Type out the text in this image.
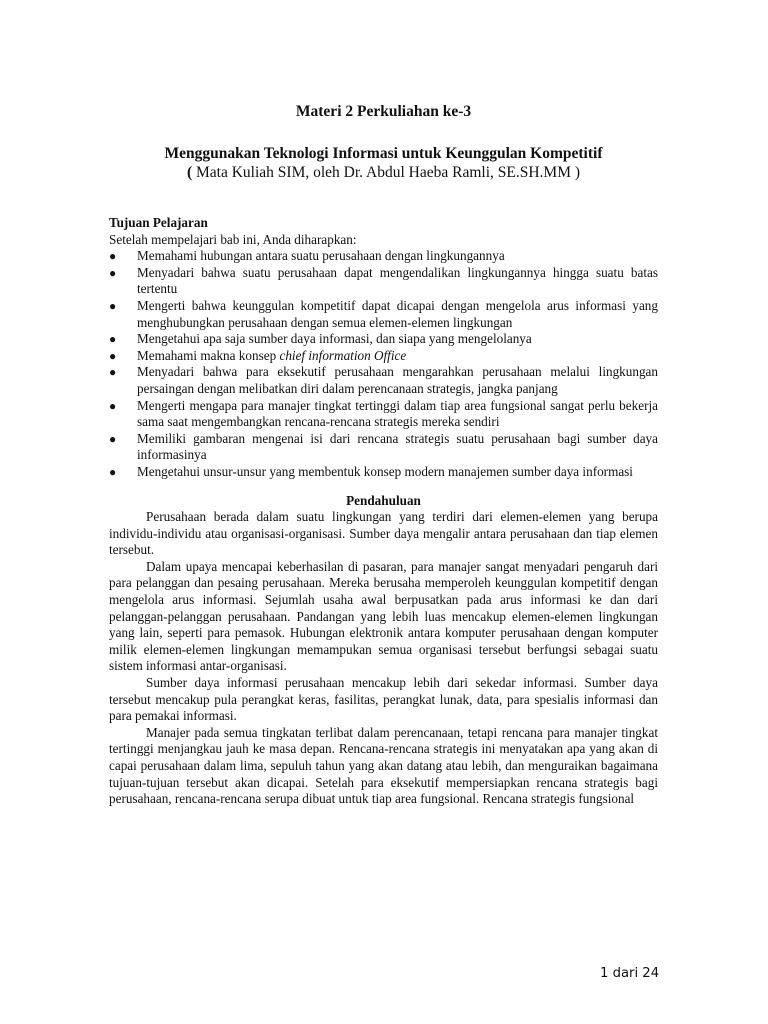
Materi 2 Perkuliahan ke-3
Menggunakan Teknologi Informasi untuk Keunggulan Kompetitif
( Mata Kuliah SIM, oleh Dr. Abdul Haeba Ramli, SE.SH.MM )
Tujuan Pelajaran
Setelah mempelajari bab ini, Anda diharapkan:
● Memahami hubungan antara suatu perusahaan dengan lingkungannya
● Menyadari bahwa suatu perusahaan dapat mengendalikan lingkungannya hingga suatu batas tertentu
● Mengerti bahwa keunggulan kompetitif dapat dicapai dengan mengelola arus informasi yang menghubungkan perusahaan dengan semua elemen-elemen lingkungan
● Mengetahui apa saja sumber daya informasi, dan siapa yang mengelolanya
● Memahami makna konsep chief information Office
● Menyadari bahwa para eksekutif perusahaan mengarahkan perusahaan melalui lingkungan persaingan dengan melibatkan diri dalam perencanaan strategis, jangka panjang
● Mengerti mengapa para manajer tingkat tertinggi dalam tiap area fungsional sangat perlu bekerja sama saat mengembangkan rencana-rencana strategis mereka sendiri
● Memiliki gambaran mengenai isi dari rencana strategis suatu perusahaan bagi sumber daya informasinya
● Mengetahui unsur-unsur yang membentuk konsep modern manajemen sumber daya informasi
Pendahuluan

Perusahaan berada dalam suatu lingkungan yang terdiri dari elemen-elemen yang berupa individu-individu atau organisasi-organisasi. Sumber daya mengalir antara perusahaan dan tiap elemen tersebut.

Dalam upaya mencapai keberhasilan di pasaran, para manajer sangat menyadari pengaruh dari para pelanggan dan pesaing perusahaan. Mereka berusaha memperoleh keunggulan kompetitif dengan mengelola arus informasi. Sejumlah usaha awal berpusatkan pada arus informasi ke dan dari pelanggan-pelanggan perusahaan. Pandangan yang lebih luas mencakup elemen-elemen lingkungan yang lain, seperti para pemasok. Hubungan elektronik antara komputer perusahaan dengan komputer milik elemen-elemen lingkungan memampukan semua organisasi tersebut berfungsi sebagai suatu sistem informasi antar-organisasi.

Sumber daya informasi perusahaan mencakup lebih dari sekedar informasi. Sumber daya tersebut mencakup pula perangkat keras, fasilitas, perangkat lunak, data, para spesialis informasi dan para pemakai informasi.

Manajer pada semua tingkatan terlibat dalam perencanaan, tetapi rencana para manajer tingkat tertinggi menjangkau jauh ke masa depan. Rencana-rencana strategis ini menyatakan apa yang akan di capai perusahaan dalam lima, sepuluh tahun yang akan datang atau lebih, dan menguraikan bagaimana tujuan-tujuan tersebut akan dicapai. Setelah para eksekutif mempersiapkan rencana strategis bagi perusahaan, rencana-rencana serupa dibuat untuk tiap area fungsional. Rencana strategis fungsional

1 dari 24
